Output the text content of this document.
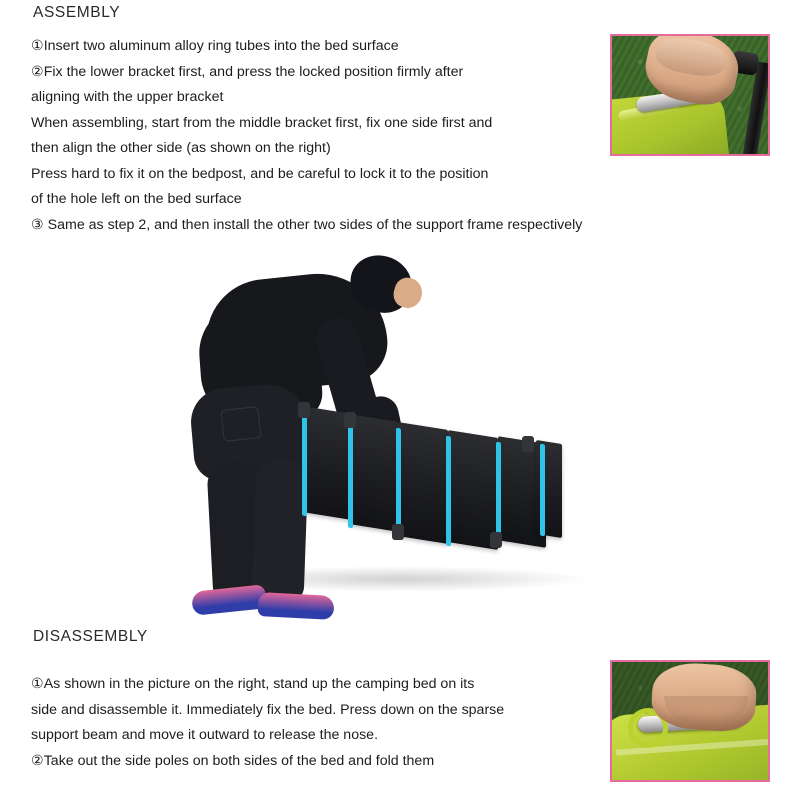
ASSEMBLY
①Insert two aluminum alloy ring tubes into the bed surface
②Fix the lower bracket first, and press the locked position firmly after
aligning with the upper bracket
When assembling, start from the middle bracket first, fix one side first and
then align the other side (as shown on the right)
Press hard to fix it on the bedpost, and be careful to lock it to the position
of the hole left on the bed surface
③ Same as step 2, and then install the other two sides of the support frame respectively
DISASSEMBLY
①As shown in the picture on the right, stand up the camping bed on its
side and disassemble it. Immediately fix the bed. Press down on the sparse
support beam and move it outward to release the nose.
②Take out the side poles on both sides of the bed and fold them
